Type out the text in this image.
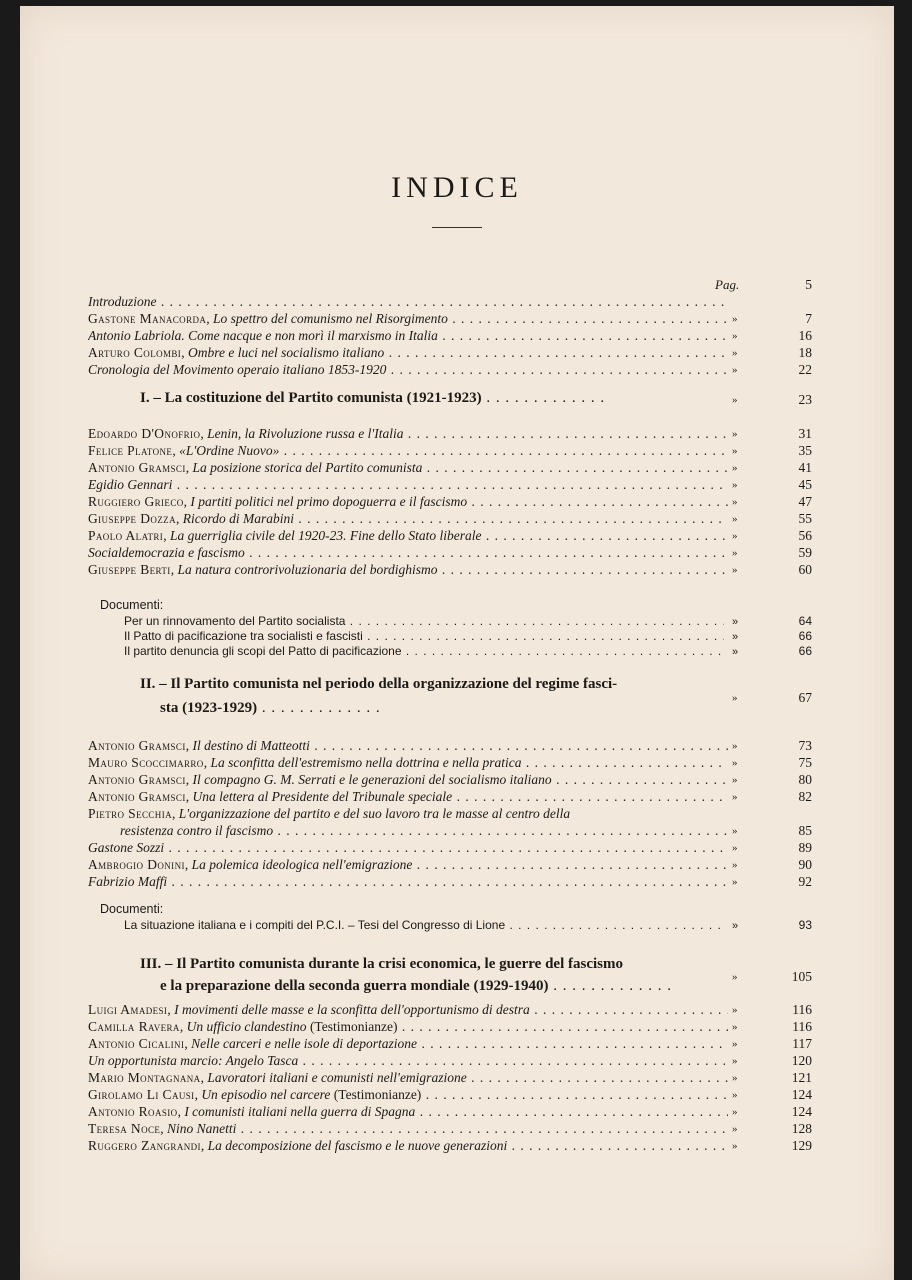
INDICE
Pag.	5
Introduzione . . .
Gastone Manacorda, Lo spettro del comunismo nel Risorgimento . . .	»	7
Antonio Labriola. Come nacque e non morì il marxismo in Italia . . .	»	16
Arturo Colombi, Ombre e luci nel socialismo italiano . . .	»	18
Cronologia del Movimento operaio italiano 1853-1920 . . .	»	22
I. – La costituzione del Partito comunista (1921-1923) . . .	»	23
Edoardo D'Onofrio, Lenin, la Rivoluzione russa e l'Italia . . .	»	31
Felice Platone, «L'Ordine Nuovo» . . .	»	35
Antonio Gramsci, La posizione storica del Partito comunista . . .	»	41
Egidio Gennari . . .	»	45
Ruggiero Grieco, I partiti politici nel primo dopoguerra e il fascismo . . .	»	47
Giuseppe Dozza, Ricordo di Marabini . . .	»	55
Paolo Alatri, La guerriglia civile del 1920-23. Fine dello Stato liberale . . .	»	56
Socialdemocrazia e fascismo . . .	»	59
Giuseppe Berti, La natura controrivoluzionaria del bordighismo . . .	»	60
Documenti:
Per un rinnovamento del Partito socialista . . .	»	64
Il Patto di pacificazione tra socialisti e fascisti . . .	»	66
Il partito denuncia gli scopi del Patto di pacificazione . . .	»	66
II. – Il Partito comunista nel periodo della organizzazione del regime fasci-
sta (1923-1929) . . .
»	67
Antonio Gramsci, Il destino di Matteotti . . .	»	73
Mauro Scoccimarro, La sconfitta dell'estremismo nella dottrina e nella pratica . . .	»	75
Antonio Gramsci, Il compagno G. M. Serrati e le generazioni del socialismo italiano . . .	»	80
Antonio Gramsci, Una lettera al Presidente del Tribunale speciale . . .	»	82
Pietro Secchia, L'organizzazione del partito e del suo lavoro tra le masse al centro della
resistenza contro il fascismo . . .	»	85
Gastone Sozzi . . .	»	89
Ambrogio Donini, La polemica ideologica nell'emigrazione . . .	»	90
Fabrizio Maffi . . .	»	92
Documenti:
La situazione italiana e i compiti del P.C.I. – Tesi del Congresso di Lione . . .	»	93
III. – Il Partito comunista durante la crisi economica, le guerre del fascismo
e la preparazione della seconda guerra mondiale (1929-1940) . . .
»	105
Luigi Amadesi, I movimenti delle masse e la sconfitta dell'opportunismo di destra . . .	»	116
Camilla Ravera, Un ufficio clandestino (Testimonianze) . . .	»	116
Antonio Cicalini, Nelle carceri e nelle isole di deportazione . . .	»	117
Un opportunista marcio: Angelo Tasca . . .	»	120
Mario Montagnana, Lavoratori italiani e comunisti nell'emigrazione . . .	»	121
Girolamo Li Causi, Un episodio nel carcere (Testimonianze) . . .	»	124
Antonio Roasio, I comunisti italiani nella guerra di Spagna . . .	»	124
Teresa Noce, Nino Nanetti . . .	»	128
Ruggero Zangrandi, La decomposizione del fascismo e le nuove generazioni . . .	»	129
